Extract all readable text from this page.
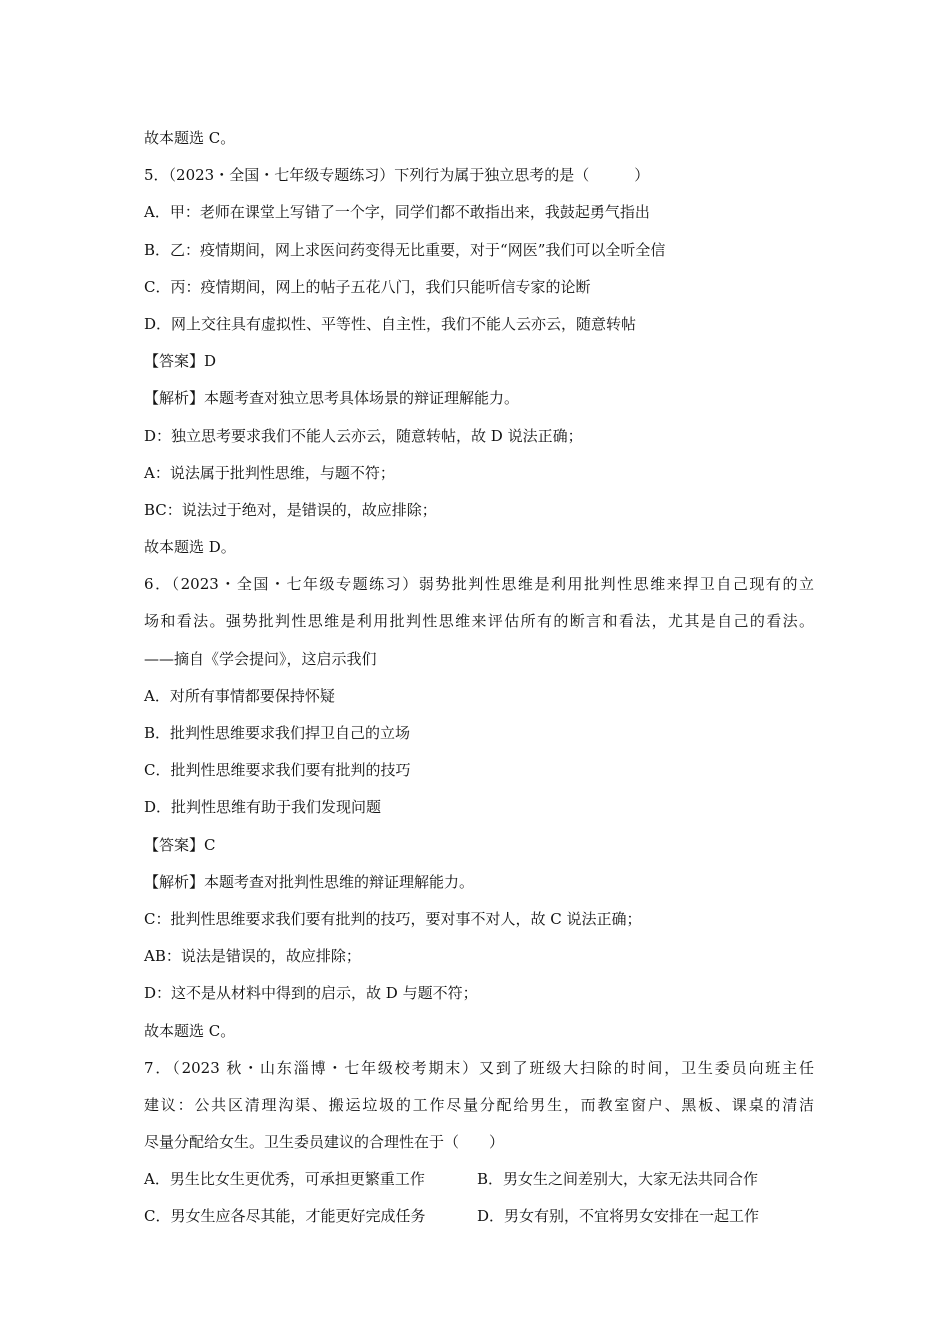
故本题选 C。
5．（2023・全国・七年级专题练习）下列行为属于独立思考的是（　　　）
A．甲：老师在课堂上写错了一个字，同学们都不敢指出来，我鼓起勇气指出
B．乙：疫情期间，网上求医问药变得无比重要，对于“网医”我们可以全听全信
C．丙：疫情期间，网上的帖子五花八门，我们只能听信专家的论断
D．网上交往具有虚拟性、平等性、自主性，我们不能人云亦云，随意转帖
【答案】D
【解析】本题考查对独立思考具体场景的辩证理解能力。
D：独立思考要求我们不能人云亦云，随意转帖，故 D 说法正确；
A：说法属于批判性思维，与题不符；
BC：说法过于绝对，是错误的，故应排除；
故本题选 D。
6．（2023・全国・七年级专题练习）弱势批判性思维是利用批判性思维来捍卫自己现有的立
场和看法。强势批判性思维是利用批判性思维来评估所有的断言和看法，尤其是自己的看法。
——摘自《学会提问》，这启示我们
A．对所有事情都要保持怀疑
B．批判性思维要求我们捍卫自己的立场
C．批判性思维要求我们要有批判的技巧
D．批判性思维有助于我们发现问题
【答案】C
【解析】本题考查对批判性思维的辩证理解能力。
C：批判性思维要求我们要有批判的技巧，要对事不对人，故 C 说法正确；
AB：说法是错误的，故应排除；
D：这不是从材料中得到的启示，故 D 与题不符；
故本题选 C。
7．（2023 秋・山东淄博・七年级校考期末）又到了班级大扫除的时间，卫生委员向班主任
建议：公共区清理沟渠、搬运垃圾的工作尽量分配给男生，而教室窗户、黑板、课桌的清洁
尽量分配给女生。卫生委员建议的合理性在于（　　）
A．男生比女生更优秀，可承担更繁重工作	B．男女生之间差别大，大家无法共同合作
C．男女生应各尽其能，才能更好完成任务	D．男女有别，不宜将男女安排在一起工作
